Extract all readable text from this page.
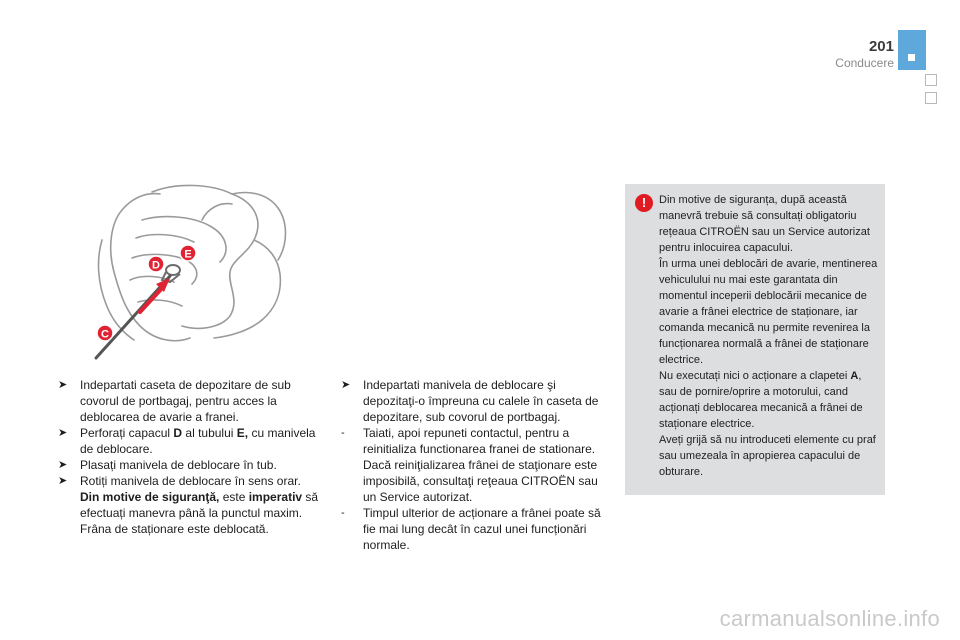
201
Conducere
D
E
C

➤	Indepartati caseta de depozitare de sub covorul de portbagaj, pentru acces la deblocarea de avarie a franei.

➤	Perforați capacul D al tubului E, cu manivela de deblocare.

➤	Plasați manivela de deblocare în tub.

➤	Rotiți manivela de deblocare în sens orar. Din motive de siguranţă, este imperativ să efectuați manevra până la punctul maxim. Frâna de staționare este deblocată.

➤	Indepartati manivela de deblocare şi depozitaţi-o împreuna cu calele în caseta de depozitare, sub covorul de portbagaj.

-	Taiati, apoi repuneti contactul, pentru a reinitializa functionarea franei de stationare. Dacă reiniţializarea frânei de staţionare este imposibilă, consultaţi reţeaua CITROËN sau un Service autorizat.

-	Timpul ulterior de acționare a frânei poate să fie mai lung decât în cazul unei funcționări normale.

!	Din motive de siguranța, după această manevră trebuie să consultați obligatoriu rețeaua CITROËN sau un Service autorizat pentru inlocuirea capacului.
În urma unei deblocări de avarie, mentinerea vehiculului nu mai este garantata din momentul inceperii deblocării mecanice de avarie a frânei electrice de staționare, iar comanda mecanică nu permite revenirea la funcționarea normală a frânei de staționare electrice.
Nu executați nici o acționare a clapetei A, sau de pornire/oprire a motorului, cand acționați deblocarea mecanică a frânei de staționare electrice.
Aveți grijă să nu introduceti elemente cu praf sau umezeala în apropierea capacului de obturare.
carmanualsonline.info
